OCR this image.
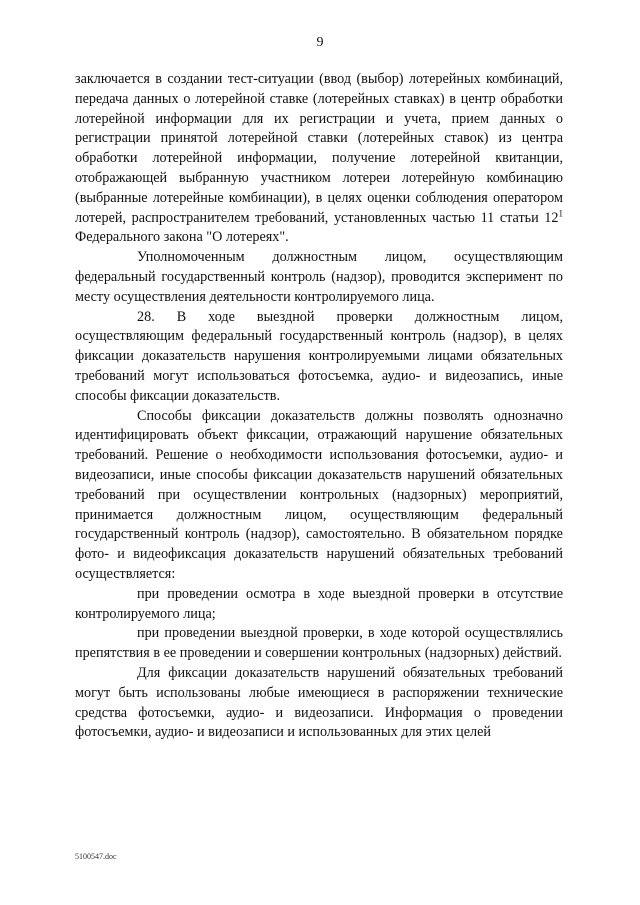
9

заключается в создании тест-ситуации (ввод (выбор) лотерейных комбинаций, передача данных о лотерейной ставке (лотерейных ставках) в центр обработки лотерейной информации для их регистрации и учета, прием данных о регистрации принятой лотерейной ставки (лотерейных ставок) из центра обработки лотерейной информации, получение лотерейной квитанции, отображающей выбранную участником лотереи лотерейную комбинацию (выбранные лотерейные комбинации), в целях оценки соблюдения оператором лотерей, распространителем требований, установленных частью 11 статьи $12^1$ Федерального закона "О лотереях".

Уполномоченным должностным лицом, осуществляющим федеральный государственный контроль (надзор), проводится эксперимент по месту осуществления деятельности контролируемого лица.

28. В ходе выездной проверки должностным лицом, осуществляющим федеральный государственный контроль (надзор), в целях фиксации доказательств нарушения контролируемыми лицами обязательных требований могут использоваться фотосъемка, аудио- и видеозапись, иные способы фиксации доказательств.

Способы фиксации доказательств должны позволять однозначно идентифицировать объект фиксации, отражающий нарушение обязательных требований. Решение о необходимости использования фотосъемки, аудио- и видеозаписи, иные способы фиксации доказательств нарушений обязательных требований при осуществлении контрольных (надзорных) мероприятий, принимается должностным лицом, осуществляющим федеральный государственный контроль (надзор), самостоятельно. В обязательном порядке фото- и видеофиксация доказательств нарушений обязательных требований осуществляется:

при проведении осмотра в ходе выездной проверки в отсутствие контролируемого лица;

при проведении выездной проверки, в ходе которой осуществлялись препятствия в ее проведении и совершении контрольных (надзорных) действий.

Для фиксации доказательств нарушений обязательных требований могут быть использованы любые имеющиеся в распоряжении технические средства фотосъемки, аудио- и видеозаписи. Информация о проведении фотосъемки, аудио- и видеозаписи и использованных для этих целей

5100547.doc
